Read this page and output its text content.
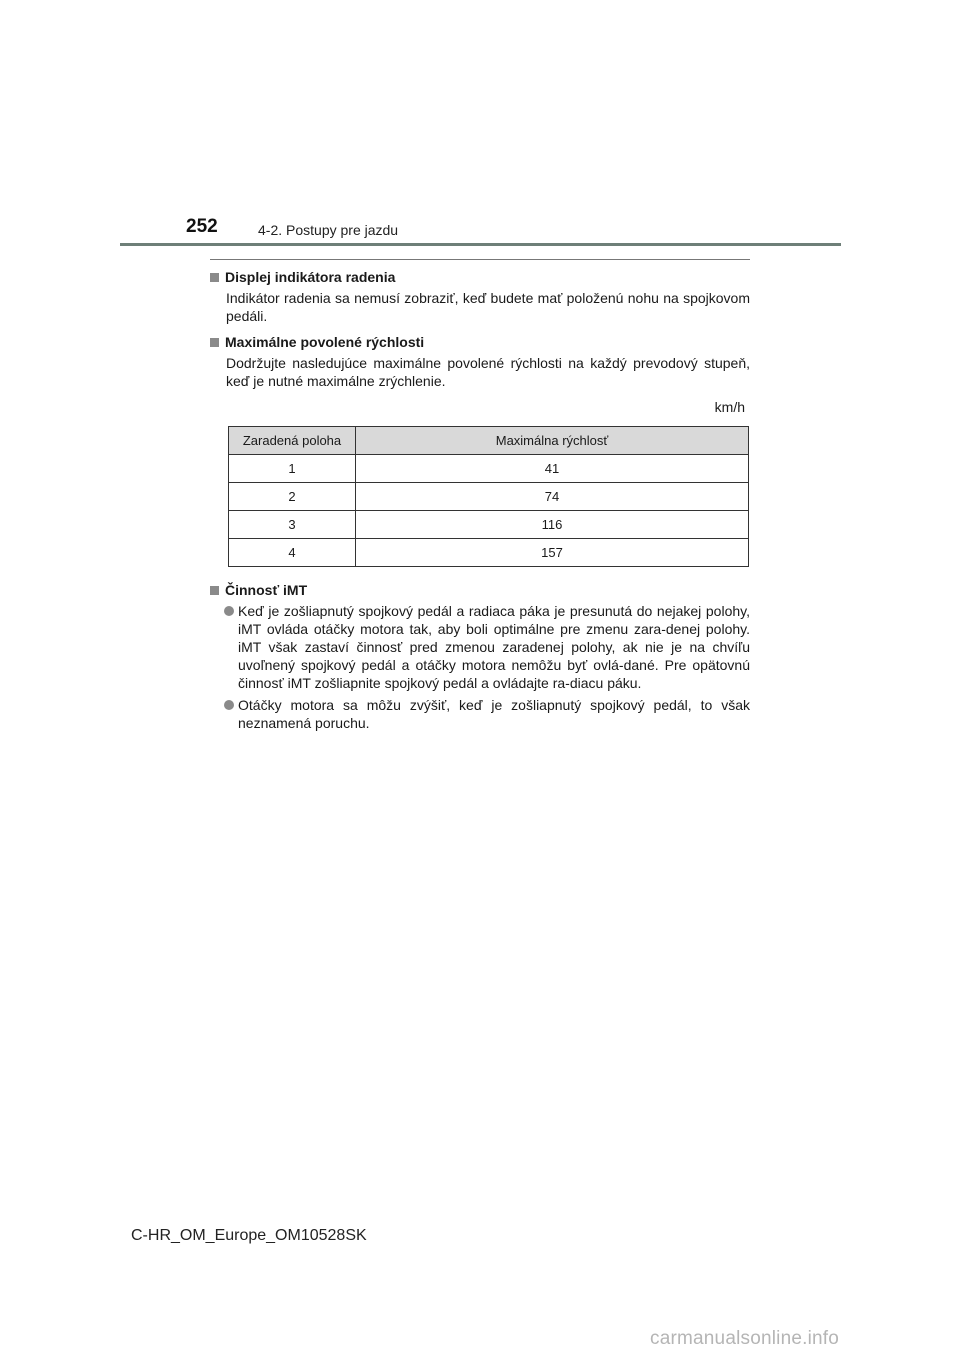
252	4-2. Postupy pre jazdu
Displej indikátora radenia
Indikátor radenia sa nemusí zobraziť, keď budete mať položenú nohu na spojkovom pedáli.
Maximálne povolené rýchlosti
Dodržujte nasledujúce maximálne povolené rýchlosti na každý prevodový stupeň, keď je nutné maximálne zrýchlenie.
km/h
Zaradená poloha	Maximálna rýchlosť
1	41
2	74
3	116
4	157
Činnosť iMT
Keď je zošliapnutý spojkový pedál a radiaca páka je presunutá do nejakej polohy, iMT ovláda otáčky motora tak, aby boli optimálne pre zmenu zara-denej polohy. iMT však zastaví činnosť pred zmenou zaradenej polohy, ak nie je na chvíľu uvoľnený spojkový pedál a otáčky motora nemôžu byť ovlá-dané. Pre opätovnú činnosť iMT zošliapnite spojkový pedál a ovládajte ra-diacu páku.
Otáčky motora sa môžu zvýšiť, keď je zošliapnutý spojkový pedál, to však neznamená poruchu.
C-HR_OM_Europe_OM10528SK
carmanualsonline.info
